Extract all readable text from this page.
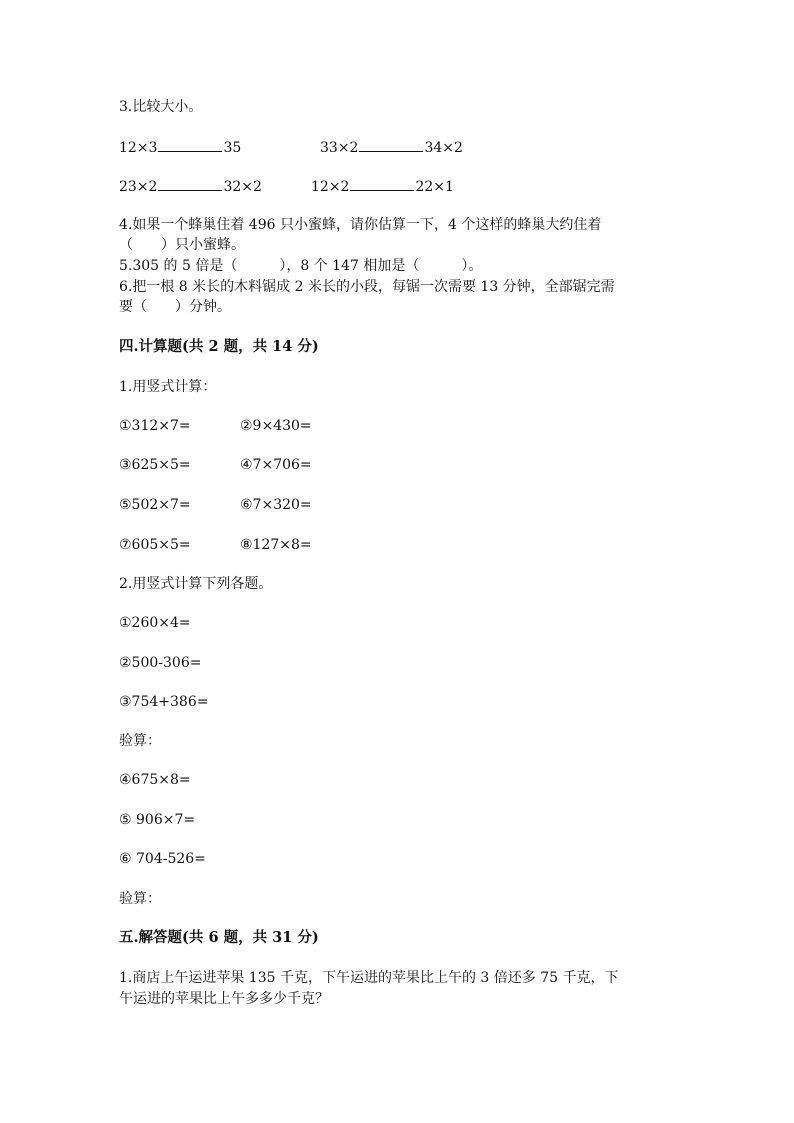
3.比较大小。
12×3	35	33×2	34×2
23×2	32×2	12×2	22×1
4.如果一个蜂巢住着 496 只小蜜蜂，请你估算一下，4 个这样的蜂巢大约住着
（　　）只小蜜蜂。
5.305 的 5 倍是（　　　），8 个 147 相加是（　　　）。
6.把一根 8 米长的木料锯成 2 米长的小段，每锯一次需要 13 分钟，全部锯完需
要（　　）分钟。
四.计算题(共 2 题，共 14 分)
1.用竖式计算：
①312×7=	②9×430=
③625×5=	④7×706=
⑤502×7=	⑥7×320=
⑦605×5=	⑧127×8=
2.用竖式计算下列各题。
①260×4=
②500-306=
③754+386=
验算：
④675×8=
⑤ 906×7=
⑥ 704-526=
验算：
五.解答题(共 6 题，共 31 分)
1.商店上午运进苹果 135 千克，下午运进的苹果比上午的 3 倍还多 75 千克，下
午运进的苹果比上午多多少千克？
